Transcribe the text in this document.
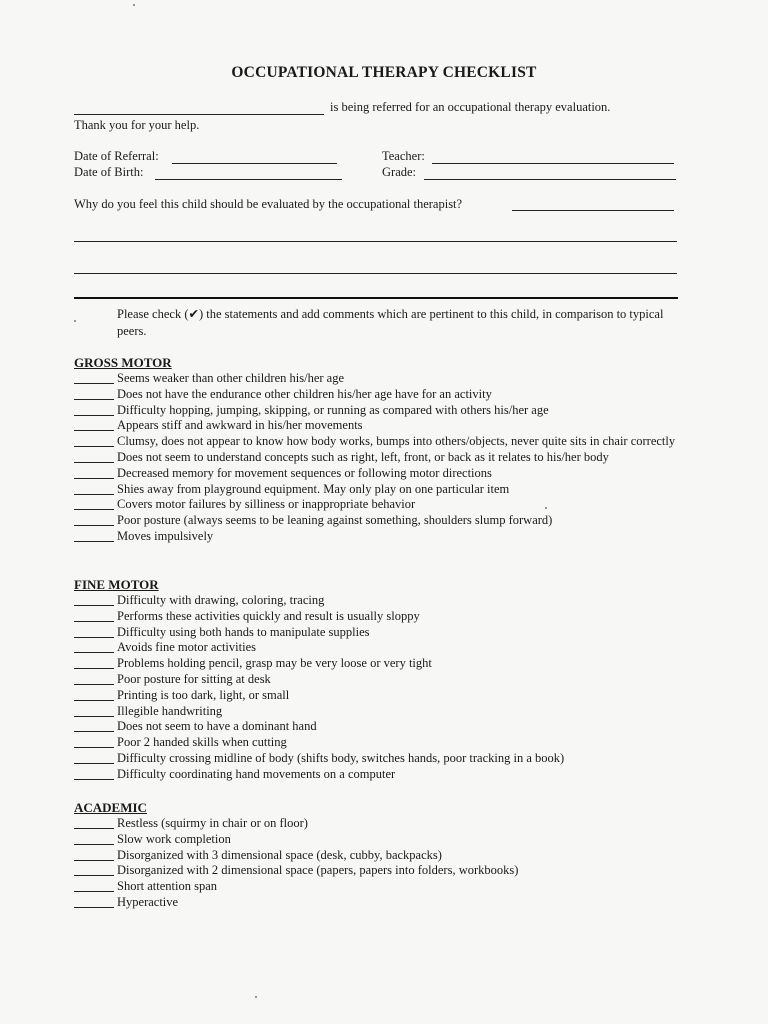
OCCUPATIONAL THERAPY CHECKLIST
is being referred for an occupational therapy evaluation.
Thank you for your help.
Date of Referral:
Date of Birth:
Teacher:
Grade:
Why do you feel this child should be evaluated by the occupational therapist?
Please check (✔) the statements and add comments which are pertinent to this child, in comparison to typical peers.
GROSS MOTOR
Seems weaker than other children his/her age
Does not have the endurance other children his/her age have for an activity
Difficulty hopping, jumping, skipping, or running as compared with others his/her age
Appears stiff and awkward in his/her movements
Clumsy, does not appear to know how body works, bumps into others/objects, never quite sits in chair correctly
Does not seem to understand concepts such as right, left, front, or back as it relates to his/her body
Decreased memory for movement sequences or following motor directions
Shies away from playground equipment. May only play on one particular item
Covers motor failures by silliness or inappropriate behavior
Poor posture (always seems to be leaning against something, shoulders slump forward)
Moves impulsively
FINE MOTOR
Difficulty with drawing, coloring, tracing
Performs these activities quickly and result is usually sloppy
Difficulty using both hands to manipulate supplies
Avoids fine motor activities
Problems holding pencil, grasp may be very loose or very tight
Poor posture for sitting at desk
Printing is too dark, light, or small
Illegible handwriting
Does not seem to have a dominant hand
Poor 2 handed skills when cutting
Difficulty crossing midline of body (shifts body, switches hands, poor tracking in a book)
Difficulty coordinating hand movements on a computer
ACADEMIC
Restless (squirmy in chair or on floor)
Slow work completion
Disorganized with 3 dimensional space (desk, cubby, backpacks)
Disorganized with 2 dimensional space (papers, papers into folders, workbooks)
Short attention span
Hyperactive
